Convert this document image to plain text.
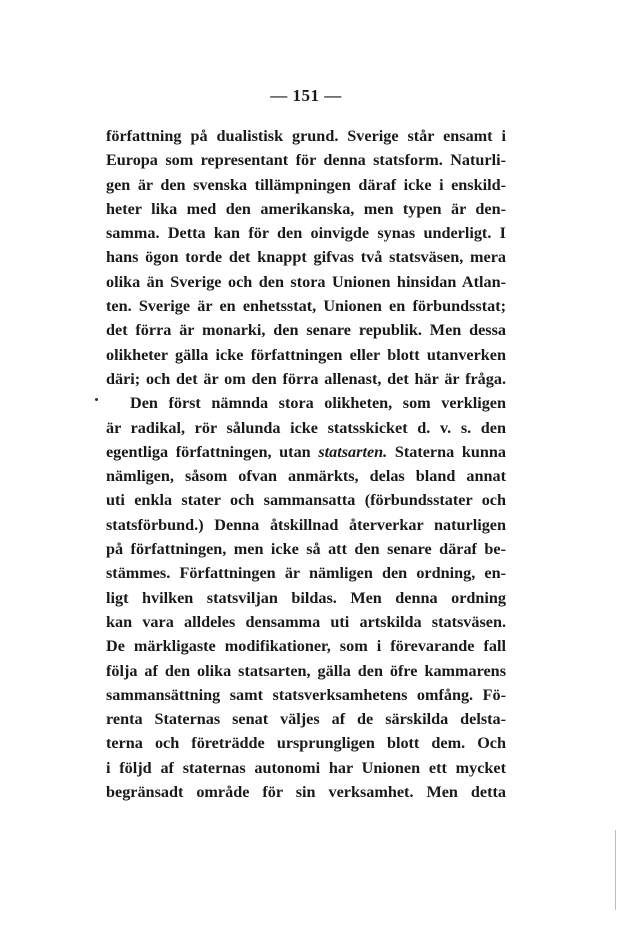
— 151 —
författning på dualistisk grund. Sverige står ensamt i
Europa som representant för denna statsform. Naturli-
gen är den svenska tillämpningen däraf icke i enskild-
heter lika med den amerikanska, men typen är den-
samma. Detta kan för den oinvigde synas underligt. I
hans ögon torde det knappt gifvas två statsväsen, mera
olika än Sverige och den stora Unionen hinsidan Atlan-
ten. Sverige är en enhetsstat, Unionen en förbundsstat;
det förra är monarki, den senare republik. Men dessa
olikheter gälla icke författningen eller blott utanverken
däri; och det är om den förra allenast, det här är fråga.
Den först nämnda stora olikheten, som verkligen
är radikal, rör sålunda icke statsskicket d. v. s. den
egentliga författningen, utan statsarten. Staterna kunna
nämligen, såsom ofvan anmärkts, delas bland annat
uti enkla stater och sammansatta (förbundsstater och
statsförbund.) Denna åtskillnad återverkar naturligen
på författningen, men icke så att den senare däraf be-
stämmes. Författningen är nämligen den ordning, en-
ligt hvilken statsviljan bildas. Men denna ordning
kan vara alldeles densamma uti artskilda statsväsen.
De märkligaste modifikationer, som i förevarande fall
följa af den olika statsarten, gälla den öfre kammarens
sammansättning samt statsverksamhetens omfång. Fö-
renta Staternas senat väljes af de särskilda delsta-
terna och företrädde ursprungligen blott dem. Och
i följd af staternas autonomi har Unionen ett mycket
begränsadt område för sin verksamhet. Men detta
